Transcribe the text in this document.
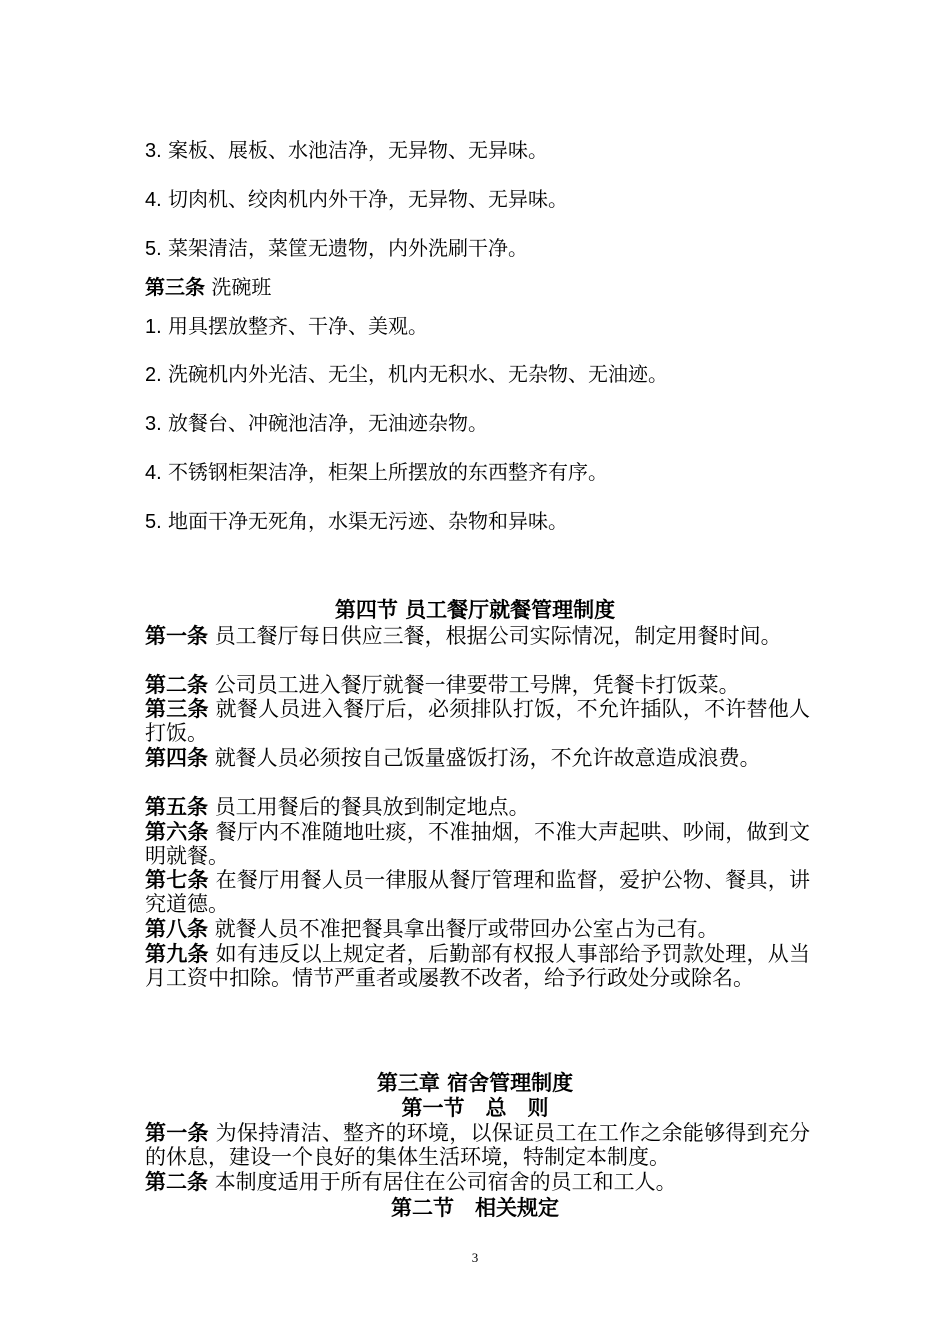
3. 案板、展板、水池洁净，无异物、无异味。
4. 切肉机、绞肉机内外干净，无异物、无异味。
5. 菜架清洁，菜筐无遗物，内外洗刷干净。
第三条 洗碗班
1. 用具摆放整齐、干净、美观。
2. 洗碗机内外光洁、无尘，机内无积水、无杂物、无油迹。
3. 放餐台、冲碗池洁净，无油迹杂物。
4. 不锈钢柜架洁净，柜架上所摆放的东西整齐有序。
5. 地面干净无死角，水渠无污迹、杂物和异味。
第四节 员工餐厅就餐管理制度
第一条 员工餐厅每日供应三餐，根据公司实际情况，制定用餐时间。
第二条 公司员工进入餐厅就餐一律要带工号牌，凭餐卡打饭菜。
第三条 就餐人员进入餐厅后，必须排队打饭，不允许插队，不许替他人打饭。
第四条 就餐人员必须按自己饭量盛饭打汤，不允许故意造成浪费。
第五条 员工用餐后的餐具放到制定地点。
第六条 餐厅内不准随地吐痰，不准抽烟，不准大声起哄、吵闹，做到文明就餐。
第七条 在餐厅用餐人员一律服从餐厅管理和监督，爱护公物、餐具，讲究道德。
第八条 就餐人员不准把餐具拿出餐厅或带回办公室占为己有。
第九条 如有违反以上规定者，后勤部有权报人事部给予罚款处理，从当月工资中扣除。情节严重者或屡教不改者，给予行政处分或除名。
第三章 宿舍管理制度
第一节　总　则
第一条 为保持清洁、整齐的环境，以保证员工在工作之余能够得到充分的休息，建设一个良好的集体生活环境，特制定本制度。
第二条 本制度适用于所有居住在公司宿舍的员工和工人。
第二节　相关规定
3
